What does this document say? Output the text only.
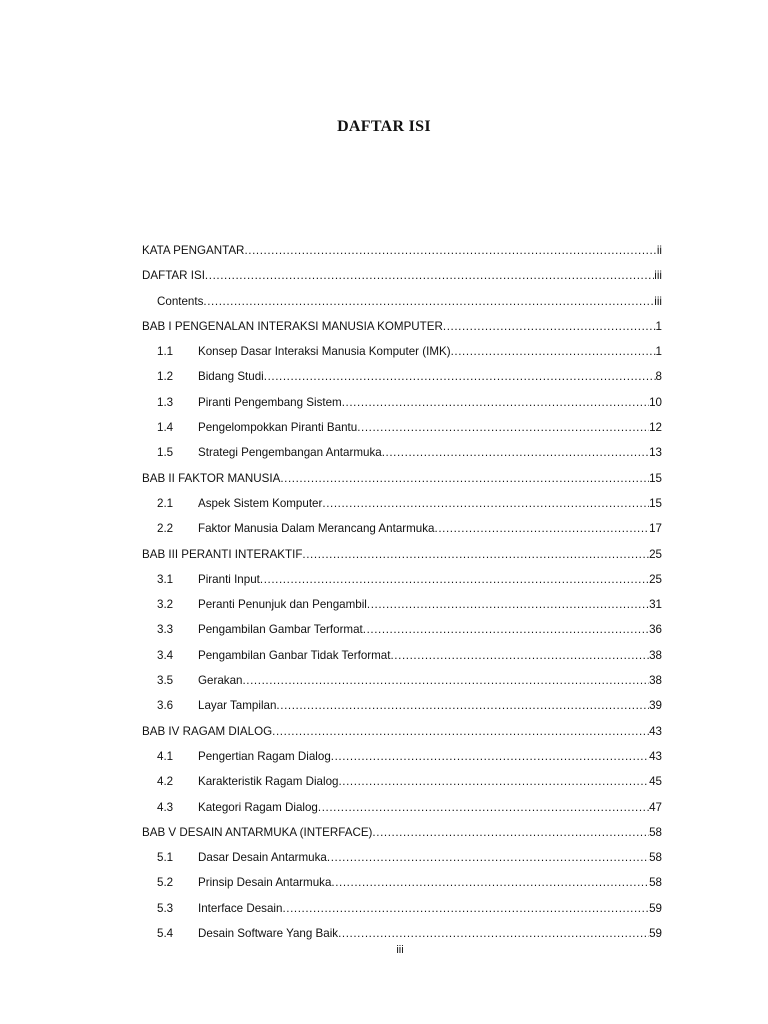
DAFTAR ISI
KATA PENGANTAR .....	ii
DAFTAR ISI .....	iii
Contents .....	iii
BAB I PENGENALAN INTERAKSI MANUSIA KOMPUTER .....	1
1.1	Konsep Dasar Interaksi Manusia Komputer (IMK) .....	1
1.2	Bidang Studi .....	8
1.3	Piranti Pengembang Sistem .....	10
1.4	Pengelompokkan Piranti Bantu .....	12
1.5	Strategi Pengembangan Antarmuka .....	13
BAB II FAKTOR MANUSIA .....	15
2.1	Aspek Sistem Komputer .....	15
2.2	Faktor Manusia Dalam Merancang Antarmuka .....	17
BAB III PERANTI INTERAKTIF .....	25
3.1	Piranti Input .....	25
3.2	Peranti Penunjuk dan Pengambil .....	31
3.3	Pengambilan Gambar Terformat .....	36
3.4	Pengambilan Ganbar Tidak Terformat .....	38
3.5	Gerakan .....	38
3.6	Layar Tampilan .....	39
BAB IV RAGAM DIALOG .....	43
4.1	Pengertian Ragam Dialog .....	43
4.2	Karakteristik Ragam Dialog .....	45
4.3	Kategori Ragam Dialog .....	47
BAB V DESAIN ANTARMUKA (INTERFACE) .....	58
5.1	Dasar Desain Antarmuka .....	58
5.2	Prinsip Desain Antarmuka .....	58
5.3	Interface Desain .....	59
5.4	Desain Software Yang Baik .....	59
iii
